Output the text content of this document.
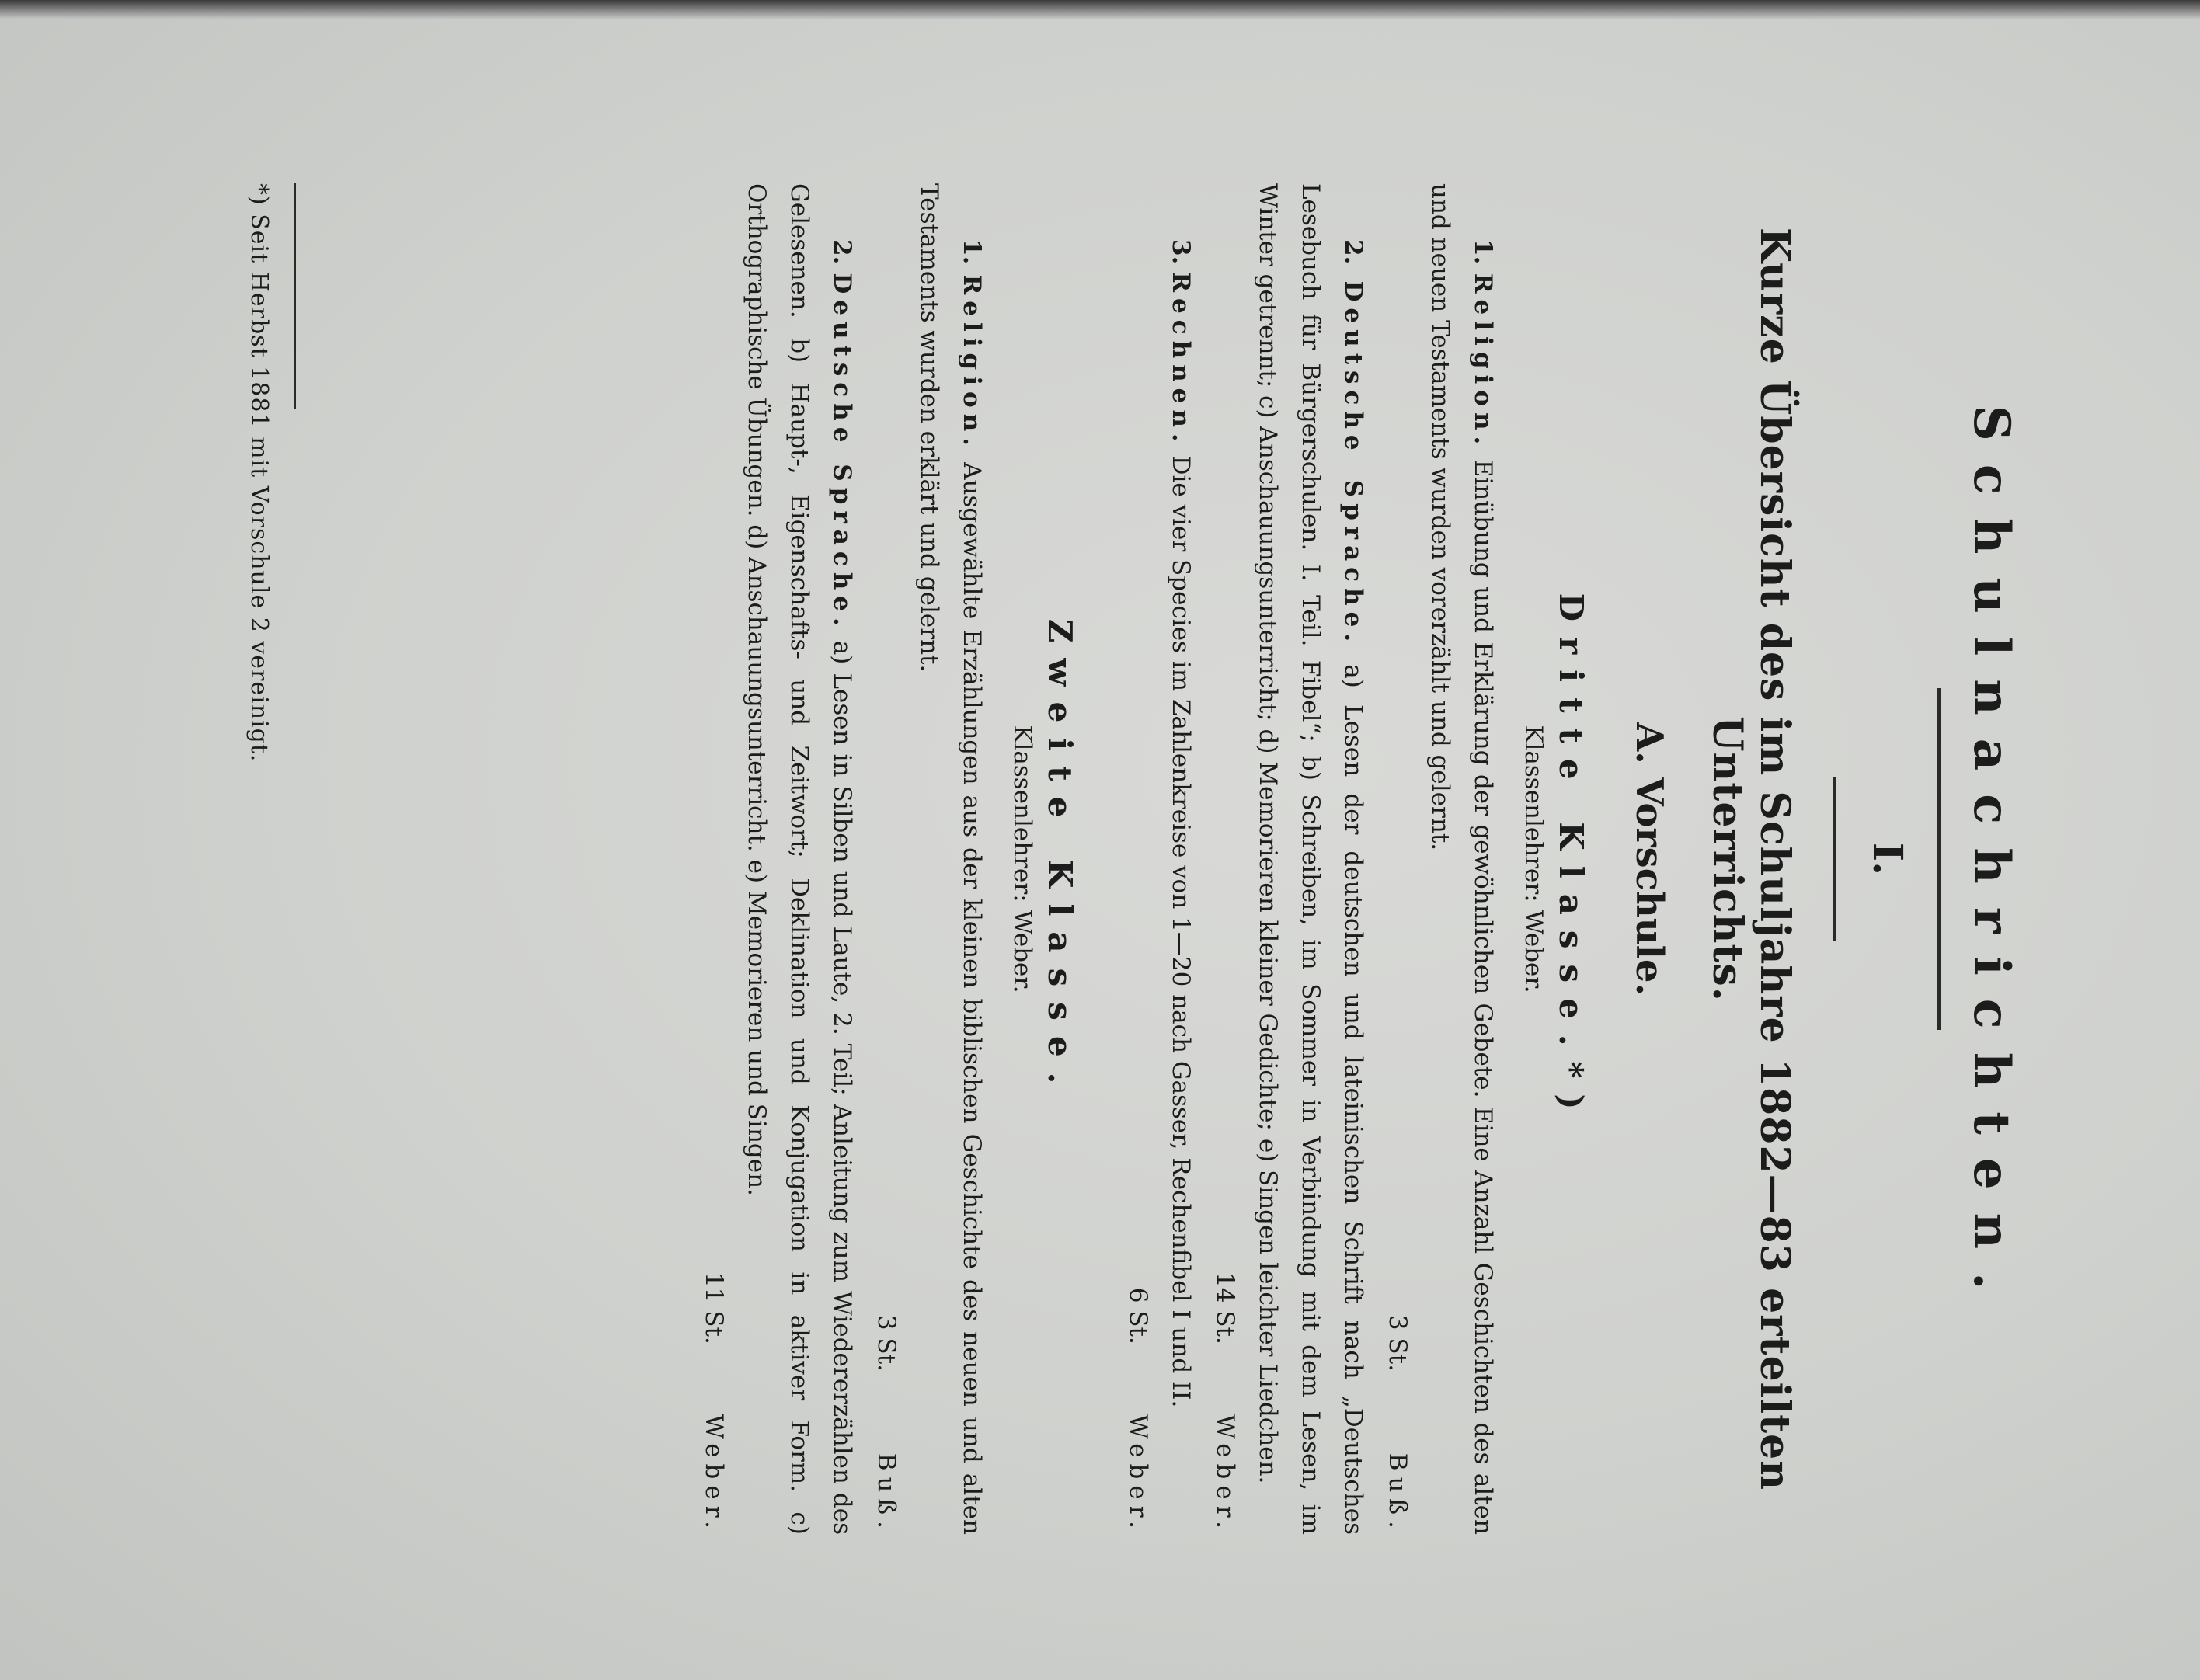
Schulnachrichten.
I.
Kurze Übersicht des im Schuljahre 1882—83 erteilten Unterrichts.
A. Vorschule.
Dritte Klasse.*)
Klassenlehrer: Weber.

1. Religion. Einübung und Erklärung der gewöhnlichen Gebete. Eine Anzahl Geschichten des alten und neuen Testaments wurden vorerzählt und gelernt.

3 St.Buß.

2. Deutsche Sprache. a) Lesen der deutschen und lateinischen Schrift nach „Deutsches Lesebuch für Bürgerschulen. I. Teil. Fibel“; b) Schreiben, im Sommer in Verbindung mit dem Lesen, im Winter getrennt; c) Anschauungsunterricht; d) Memorieren kleiner Gedichte; e) Singen leichter Liedchen.

14 St.Weber.

3. Rechnen. Die vier Species im Zahlenkreise von 1—20 nach Gasser, Rechenfibel I und II.

6 St.Weber.
Zweite Klasse.
Klassenlehrer: Weber.

1. Religion. Ausgewählte Erzählungen aus der kleinen biblischen Geschichte des neuen und alten Testaments wurden erklärt und gelernt.

3 St.Buß.

2. Deutsche Sprache. a) Lesen in Silben und Laute, 2. Teil; Anleitung zum Wiedererzählen des Gelesenen. b) Haupt-, Eigenschafts- und Zeitwort; Deklination und Konjugation in aktiver Form. c) Orthographische Übungen. d) Anschauungsunterricht. e) Memorieren und Singen.

11 St.Weber.
*) Seit Herbst 1881 mit Vorschule 2 vereinigt.
